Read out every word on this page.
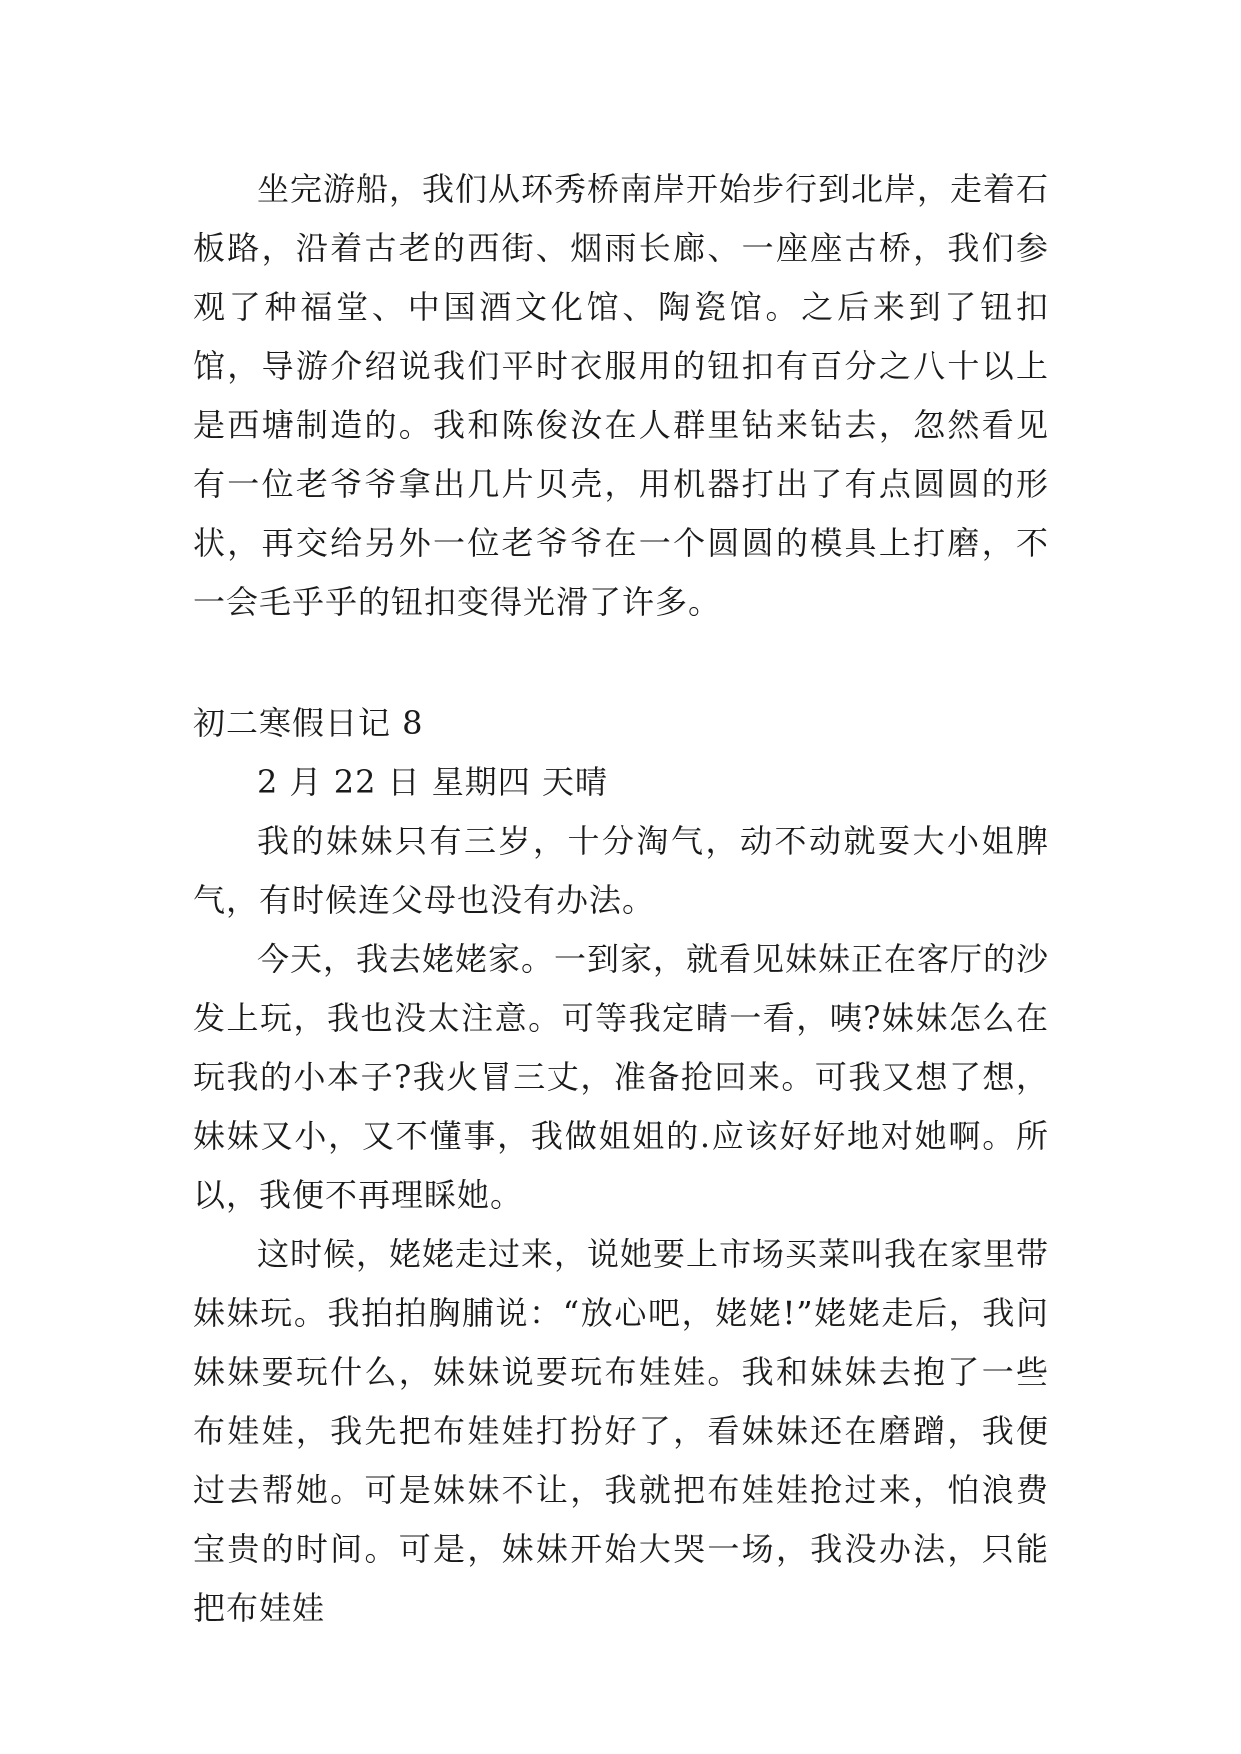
坐完游船，我们从环秀桥南岸开始步行到北岸，走着石板路，沿着古老的西街、烟雨长廊、一座座古桥，我们参观了种福堂、中国酒文化馆、陶瓷馆。之后来到了钮扣馆，导游介绍说我们平时衣服用的钮扣有百分之八十以上是西塘制造的。我和陈俊汝在人群里钻来钻去，忽然看见有一位老爷爷拿出几片贝壳，用机器打出了有点圆圆的形状，再交给另外一位老爷爷在一个圆圆的模具上打磨，不一会毛乎乎的钮扣变得光滑了许多。

初二寒假日记 8

2 月 22 日 星期四 天晴

我的妹妹只有三岁，十分淘气，动不动就耍大小姐脾气，有时候连父母也没有办法。

今天，我去姥姥家。一到家，就看见妹妹正在客厅的沙发上玩，我也没太注意。可等我定睛一看，咦?妹妹怎么在玩我的小本子?我火冒三丈，准备抢回来。可我又想了想，妹妹又小，又不懂事，我做姐姐的.应该好好地对她啊。所以，我便不再理睬她。

这时候，姥姥走过来，说她要上市场买菜叫我在家里带妹妹玩。我拍拍胸脯说：“放心吧，姥姥!”姥姥走后，我问妹妹要玩什么，妹妹说要玩布娃娃。我和妹妹去抱了一些布娃娃，我先把布娃娃打扮好了，看妹妹还在磨蹭，我便过去帮她。可是妹妹不让，我就把布娃娃抢过来，怕浪费宝贵的时间。可是，妹妹开始大哭一场，我没办法，只能把布娃娃
